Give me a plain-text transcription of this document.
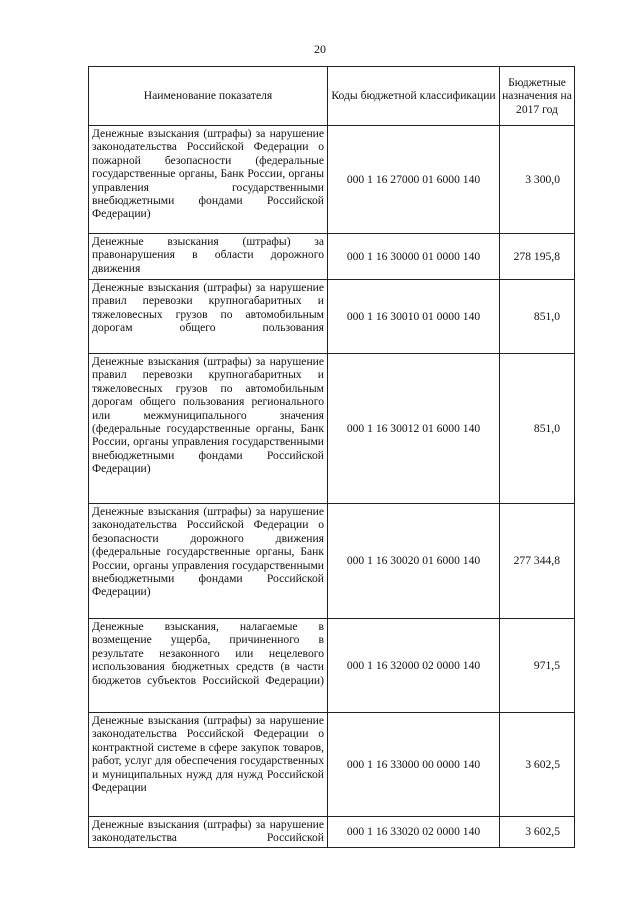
20
Наименование показателя	Коды бюджетной классификации	Бюджетные назначения на 2017 год
Денежные взыскания (штрафы) за нарушение законодательства Российской Федерации о пожарной безопасности (федеральные государственные органы, Банк России, органы управления государственными внебюджетными фондами Российской Федерации)	000 1 16 27000 01 6000 140	3 300,0
Денежные взыскания (штрафы) за правонарушения в области дорожного движения	000 1 16 30000 01 0000 140	278 195,8
Денежные взыскания (штрафы) за нарушение правил перевозки крупногабаритных и тяжеловесных грузов по автомобильным дорогам общего пользования	000 1 16 30010 01 0000 140	851,0
Денежные взыскания (штрафы) за нарушение правил перевозки крупногабаритных и тяжеловесных грузов по автомобильным дорогам общего пользования регионального или межмуниципального значения (федеральные государственные органы, Банк России, органы управления государственными внебюджетными фондами Российской Федерации)	000 1 16 30012 01 6000 140	851,0
Денежные взыскания (штрафы) за нарушение законодательства Российской Федерации о безопасности дорожного движения (федеральные государственные органы, Банк России, органы управления государственными внебюджетными фондами Российской Федерации)	000 1 16 30020 01 6000 140	277 344,8
Денежные взыскания, налагаемые в возмещение ущерба, причиненного в результате незаконного или нецелевого использования бюджетных средств (в части бюджетов субъектов Российской Федерации)	000 1 16 32000 02 0000 140	971,5
Денежные взыскания (штрафы) за нарушение законодательства Российской Федерации о контрактной системе в сфере закупок товаров, работ, услуг для обеспечения государственных и муниципальных нужд для нужд Российской Федерации	000 1 16 33000 00 0000 140	3 602,5
Денежные взыскания (штрафы) за нарушение законодательства Российской	000 1 16 33020 02 0000 140	3 602,5
